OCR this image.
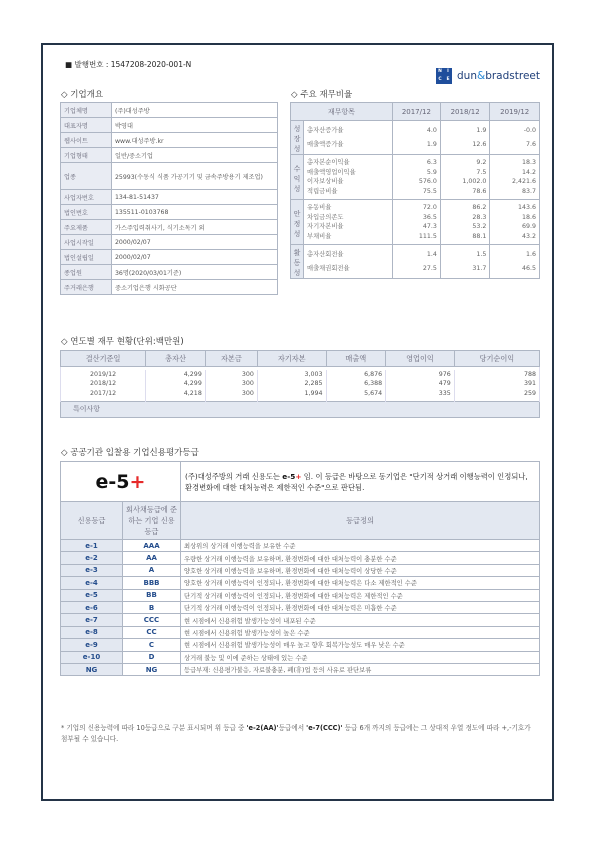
■ 발행번호 : 1547208-2020-001-N
N	I
C	E dun&bradstreet
◇ 기업개요
기업체명	(주)대성주방
대표자명	박영대
웹사이트	www.대성주방.kr
기업형태	일반/중소기업
업종	25993(수동식 식품 가공기기 및 금속주방용기 제조업)
사업자번호	134-81-51437
법인번호	135511-0103768
주요제품	가스주입력취사기, 식기소독기 외
사업시작일	2000/02/07
법인설립일	2000/02/07
종업원	36명(2020/03/01기준)
주거래은행	중소기업은행 시화공단
◇ 주요 재무비율
재무항목		2017/12	2018/12	2019/12

성
장
성	총자산증가율	4.0	1.9	-0.0
	매출액증가율	1.9	12.6	7.6

수
익
성	총자본순이익율	6.3	9.2	18.3
	매출액영업이익율	5.9	7.5	14.2
	이자보상비율	576.0	1,002.0	2,421.6
	적립금비율	75.5	78.6	83.7

안
정
성	유동비율	72.0	86.2	143.6
	차입금의존도	36.5	28.3	18.6
	자기자본비율	47.3	53.2	69.9
	부채비율	111.5	88.1	43.2

활
동
성	총자산회전율	1.4	1.5	1.6
	매출채권회전율	27.5	31.7	46.5
◇ 연도별 재무 현황(단위:백만원)
결산기준일	총자산	자본금	자기자본	매출액	영업이익	당기순이익

2019/12	4,299	300	3,003	6,876	976	788
2018/12	4,299	300	2,285	6,388	479	391
2017/12	4,218	300	1,994	5,674	335	259
특이사항						
◇ 공공기관 입찰용 기업신용평가등급
e-5+		(주)대성주방의 거래 신용도는 e-5+ 임. 이 등급은 바탕으로 동기업은 "단기적 상거래 이행능력이 인정되나, 환경변화에 대한 대처능력은 제한적인 수준"으로 판단됨.
신용등급	회사채등급에 준하는 기업 신용등급	등급정의
e-1	AAA	최상위의 상거래 이행능력을 보유한 수준
e-2	AA	우량한 상거래 이행능력을 보유하며, 환경변화에 대한 대처능력이 충분한 수준
e-3	A	양호한 상거래 이행능력을 보유하며, 환경변화에 대한 대처능력이 상당한 수준
e-4	BBB	양호한 상거래 이행능력이 인정되나, 환경변화에 대한 대처능력은 다소 제한적인 수준
e-5	BB	단기적 상거래 이행능력이 인정되나, 환경변화에 대한 대처능력은 제한적인 수준
e-6	B	단기적 상거래 이행능력이 인정되나, 환경변화에 대한 대처능력은 미흡한 수준
e-7	CCC	현 시점에서 신용위험 발생가능성이 내포된 수준
e-8	CC	현 시점에서 신용위험 발생가능성이 높은 수준
e-9	C	현 시점에서 신용위험 발생가능성이 매우 높고 향후 회복가능성도 매우 낮은 수준
e-10	D	상거래 불능 및 이에 준하는 상태에 있는 수준
NG	NG	등급부재: 신용평가불응, 자료불충분, 폐(휴)업 등의 사유로 판단보류
* 기업의 신용능력에 따라 10등급으로 구분 표시되며 위 등급 중 'e-2(AA)'등급에서 'e-7(CCC)' 등급 6개 까지의 등급에는 그 상대적 우열 정도에 따라 +,-기호가 첨부될 수 있습니다.
